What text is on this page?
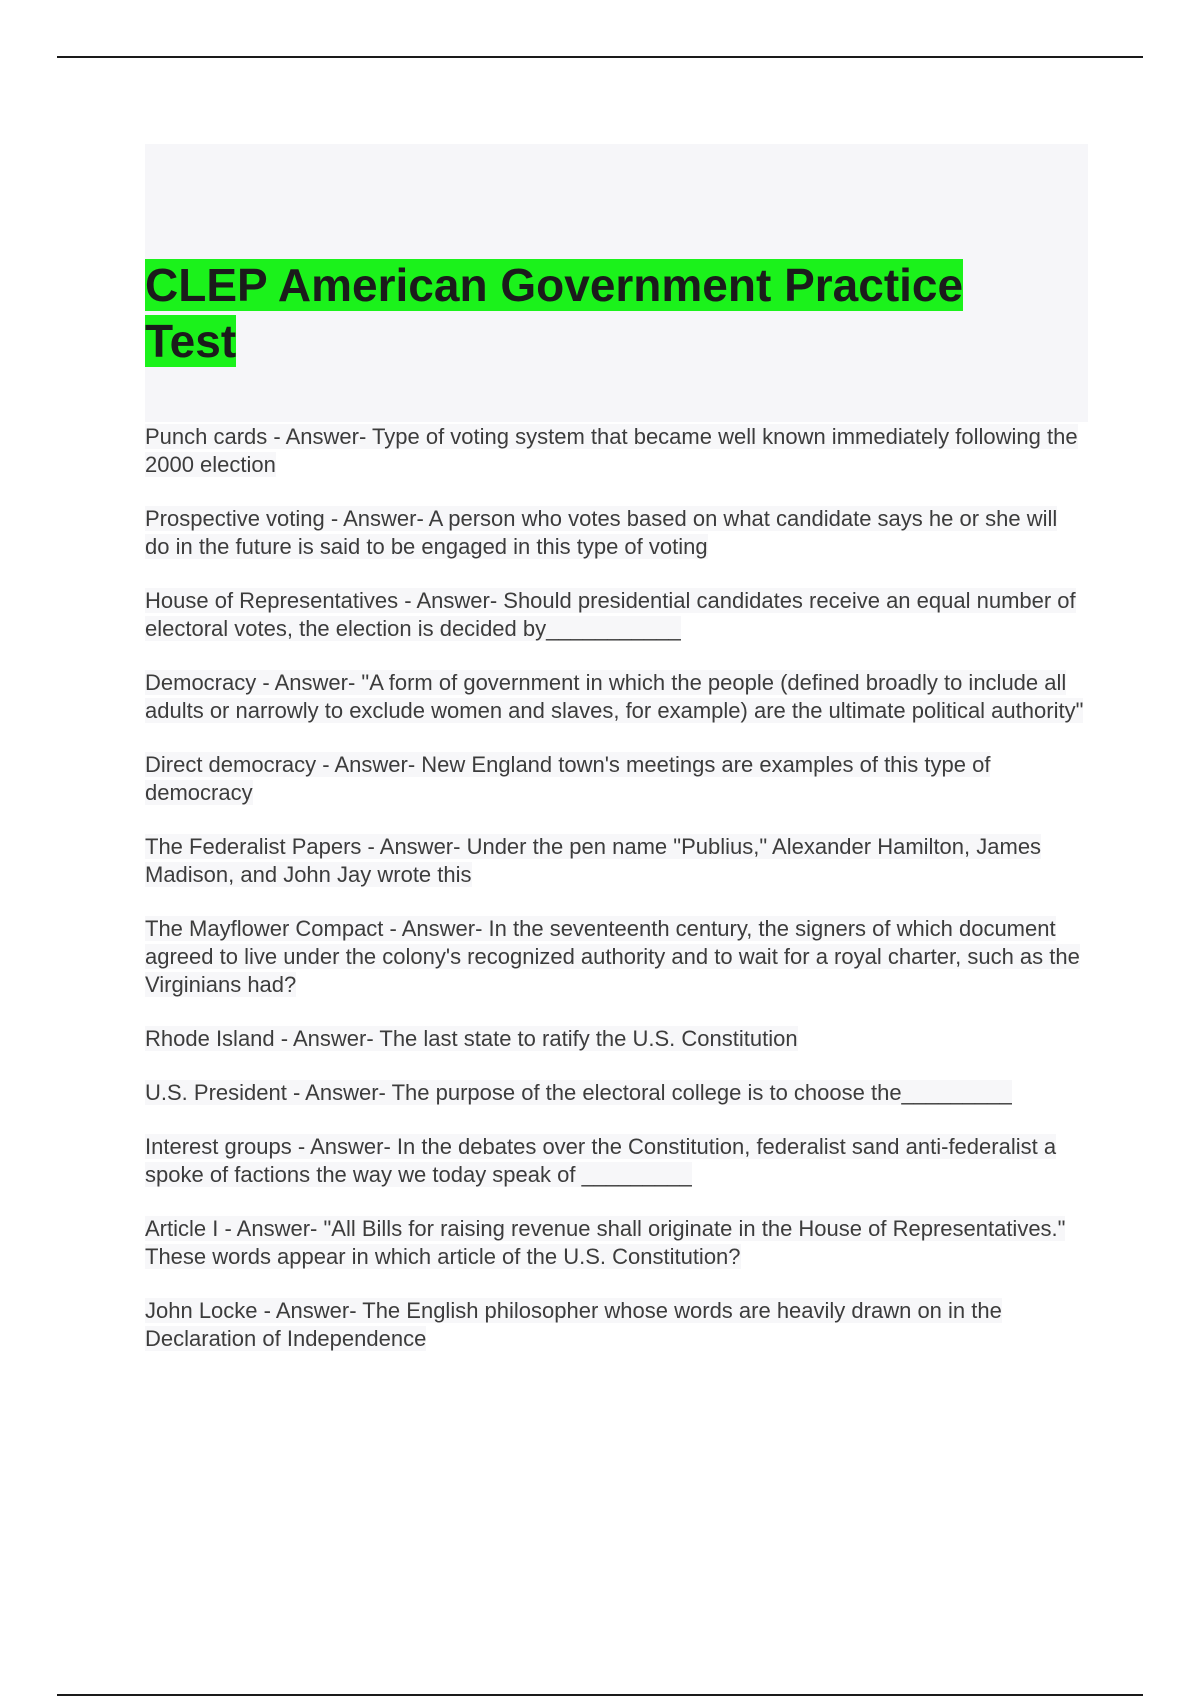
CLEP American Government Practice Test

Punch cards - Answer- Type of voting system that became well known immediately following the 2000 election

Prospective voting - Answer- A person who votes based on what candidate says he or she will do in the future is said to be engaged in this type of voting

House of Representatives - Answer- Should presidential candidates receive an equal number of electoral votes, the election is decided by___________

Democracy - Answer- "A form of government in which the people (defined broadly to include all adults or narrowly to exclude women and slaves, for example) are the ultimate political authority"

Direct democracy - Answer- New England town's meetings are examples of this type of democracy

The Federalist Papers - Answer- Under the pen name "Publius," Alexander Hamilton, James Madison, and John Jay wrote this

The Mayflower Compact - Answer- In the seventeenth century, the signers of which document agreed to live under the colony's recognized authority and to wait for a royal charter, such as the Virginians had?

Rhode Island - Answer- The last state to ratify the U.S. Constitution

U.S. President - Answer- The purpose of the electoral college is to choose the_________

Interest groups - Answer- In the debates over the Constitution, federalist sand anti-federalist a spoke of factions the way we today speak of _________

Article I - Answer- "All Bills for raising revenue shall originate in the House of Representatives." These words appear in which article of the U.S. Constitution?

John Locke - Answer- The English philosopher whose words are heavily drawn on in the Declaration of Independence
